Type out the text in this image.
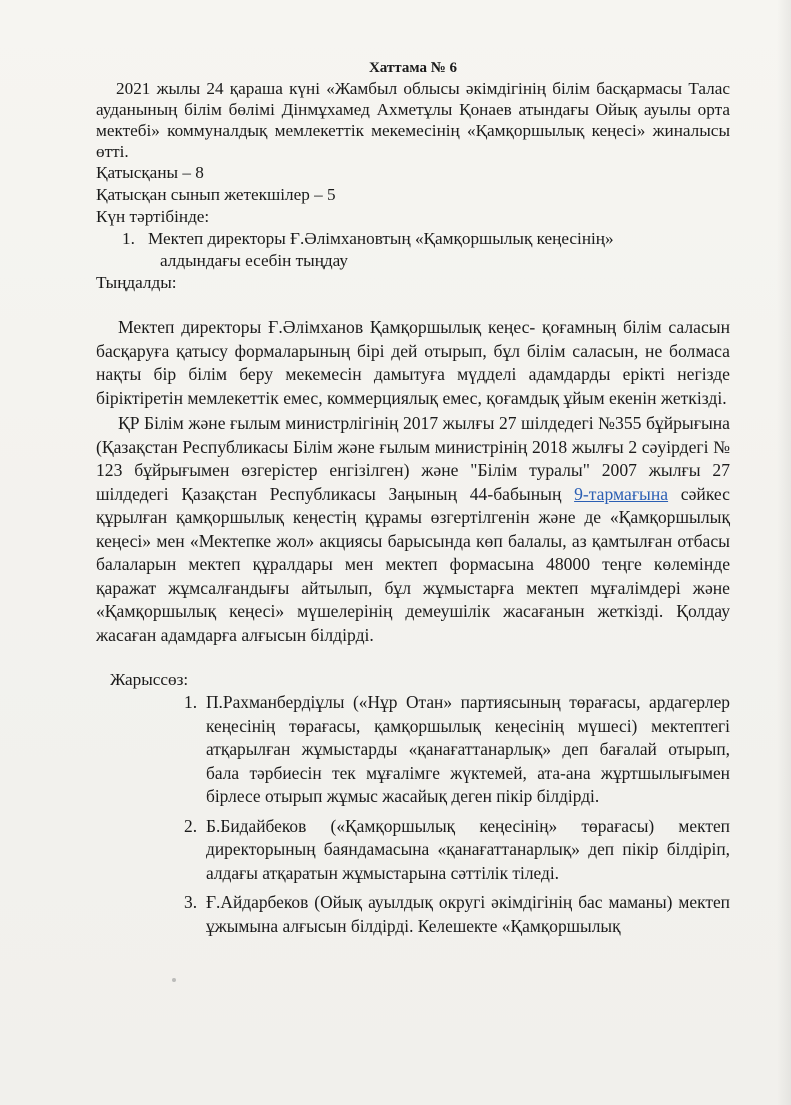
Хаттама № 6

2021 жылы 24 қараша күні «Жамбыл облысы әкімдігінің білім басқармасы Талас ауданының білім бөлімі Дінмұхамед Ахметұлы Қонаев атындағы Ойық ауылы орта мектебі» коммуналдық мемлекеттік мекемесінің «Қамқоршылық кеңесі» жиналысы өтті.

Қатысқаны – 8

Қатысқан сынып жетекшілер – 5

Күн тәртібінде:

1. Мектеп директоры Ғ.Әлімхановтың «Қамқоршылық кеңесінің»

алдындағы есебін тыңдау

Тыңдалды:

Мектеп директоры Ғ.Әлімханов Қамқоршылық кеңес- қоғамның білім саласын басқаруға қатысу формаларының бірі дей отырып, бұл білім саласын, не болмаса нақты бір білім беру мекемесін дамытуға мүдделі адамдарды ерікті негізде біріктіретін мемлекеттік емес, коммерциялық емес, қоғамдық ұйым екенін жеткізді.

ҚР Білім және ғылым министрлігінің 2017 жылғы 27 шілдедегі №355 бұйрығына (Қазақстан Республикасы Білім және ғылым министрінің 2018 жылғы 2 сәуірдегі № 123 бұйрығымен өзгерістер енгізілген) және "Білім туралы" 2007 жылғы 27 шілдедегі Қазақстан Республикасы Заңының 44-бабының 9-тармағына сәйкес құрылған қамқоршылық кеңестің құрамы өзгертілгенін және де «Қамқоршылық кеңесі» мен «Мектепке жол» акциясы барысында көп балалы, аз қамтылған отбасы балаларын мектеп құралдары мен мектеп формасына 48000 теңге көлемінде қаражат жұмсалғандығы айтылып, бұл жұмыстарға мектеп мұғалімдері және «Қамқоршылық кеңесі» мүшелерінің демеушілік жасағанын жеткізді. Қолдау жасаған адамдарға алғысын білдірді.

Жарыссөз:

1. П.Рахманбердіұлы («Нұр Отан» партиясының төрағасы, ардагерлер кеңесінің төрағасы, қамқоршылық кеңесінің мүшесі) мектептегі атқарылған жұмыстарды «қанағаттанарлық» деп бағалай отырып, бала тәрбиесін тек мұғалімге жүктемей, ата-ана жұртшылығымен бірлесе отырып жұмыс жасайық деген пікір білдірді.
2. Б.Бидайбеков («Қамқоршылық кеңесінің» төрағасы) мектеп директорының баяндамасына «қанағаттанарлық» деп пікір білдіріп, алдағы атқаратын жұмыстарына сәттілік тіледі.
3. Ғ.Айдарбеков (Ойық ауылдық округі әкімдігінің бас маманы) мектеп ұжымына алғысын білдірді. Келешекте «Қамқоршылық
